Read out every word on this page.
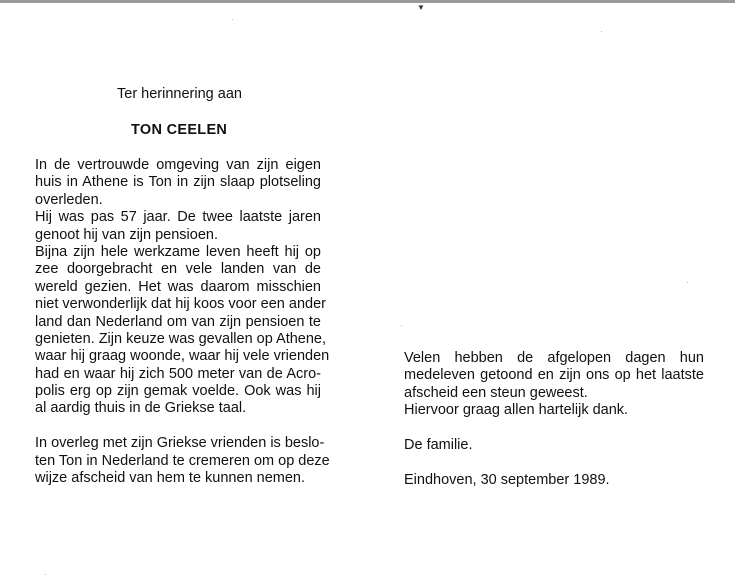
▼
Ter herinnering aan
TON CEELEN
In de vertrouwde omgeving van zijn eigen
huis in Athene is Ton in zijn slaap plotseling
overleden.
Hij was pas 57 jaar. De twee laatste jaren
genoot hij van zijn pensioen.
Bijna zijn hele werkzame leven heeft hij op
zee doorgebracht en vele landen van de
wereld gezien. Het was daarom misschien
niet verwonderlijk dat hij koos voor een ander
land dan Nederland om van zijn pensioen te
genieten. Zijn keuze was gevallen op Athene,
waar hij graag woonde, waar hij vele vrienden
had en waar hij zich 500 meter van de Acro-
polis erg op zijn gemak voelde. Ook was hij
al aardig thuis in de Griekse taal.
In overleg met zijn Griekse vrienden is beslo-
ten Ton in Nederland te cremeren om op deze
wijze afscheid van hem te kunnen nemen.
Velen hebben de afgelopen dagen hun
medeleven getoond en zijn ons op het laatste
afscheid een steun geweest.
Hiervoor graag allen hartelijk dank.
De familie.
Eindhoven, 30 september 1989.
